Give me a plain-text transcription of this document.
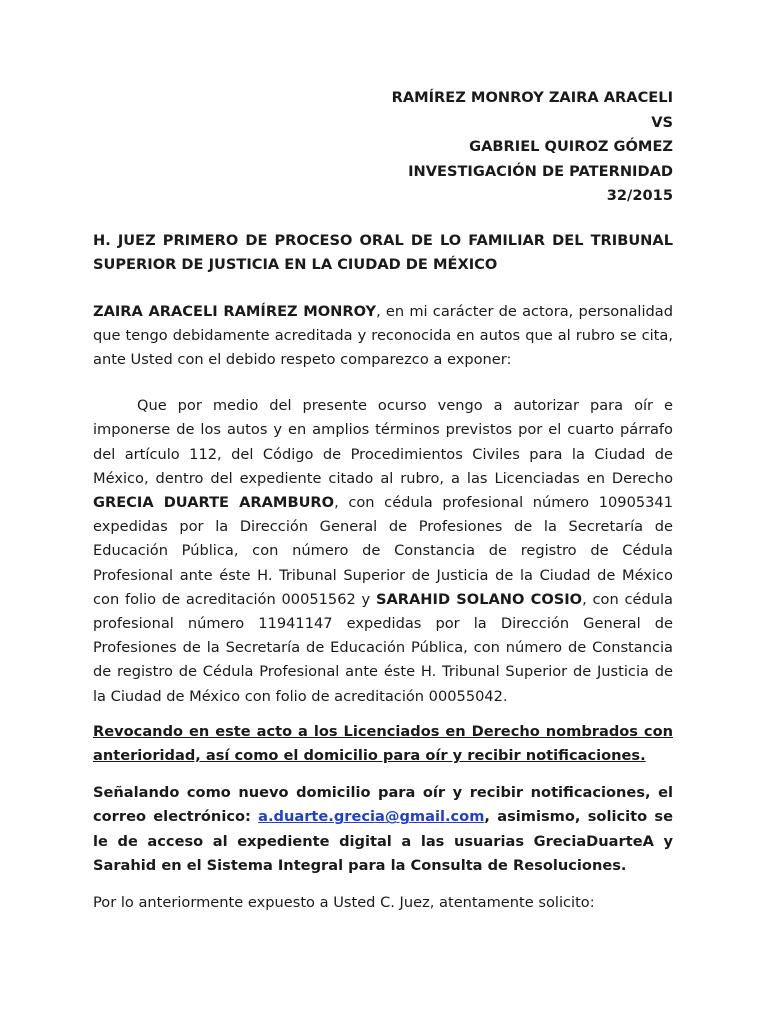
RAMÍREZ MONROY ZAIRA ARACELI
VS
GABRIEL QUIROZ GÓMEZ
INVESTIGACIÓN DE PATERNIDAD
32/2015
H. JUEZ PRIMERO DE PROCESO ORAL DE LO FAMILIAR DEL TRIBUNAL SUPERIOR DE JUSTICIA EN LA CIUDAD DE MÉXICO

ZAIRA ARACELI RAMÍREZ MONROY, en mi carácter de actora, personalidad que tengo debidamente acreditada y reconocida en autos que al rubro se cita, ante Usted con el debido respeto comparezco a exponer:

Que por medio del presente ocurso vengo a autorizar para oír e imponerse de los autos y en amplios términos previstos por el cuarto párrafo del artículo 112, del Código de Procedimientos Civiles para la Ciudad de México, dentro del expediente citado al rubro, a las Licenciadas en Derecho GRECIA DUARTE ARAMBURO, con cédula profesional número 10905341 expedidas por la Dirección General de Profesiones de la Secretaría de Educación Pública, con número de Constancia de registro de Cédula Profesional ante éste H. Tribunal Superior de Justicia de la Ciudad de México con folio de acreditación 00051562 y SARAHID SOLANO COSIO, con cédula profesional número 11941147 expedidas por la Dirección General de Profesiones de la Secretaría de Educación Pública, con número de Constancia de registro de Cédula Profesional ante éste H. Tribunal Superior de Justicia de la Ciudad de México con folio de acreditación 00055042.

Revocando en este acto a los Licenciados en Derecho nombrados con anterioridad, así como el domicilio para oír y recibir notificaciones.

Señalando como nuevo domicilio para oír y recibir notificaciones, el correo electrónico: a.duarte.grecia@gmail.com, asimismo, solicito se le de acceso al expediente digital a las usuarias GreciaDuarteA y Sarahid en el Sistema Integral para la Consulta de Resoluciones.

Por lo anteriormente expuesto a Usted C. Juez, atentamente solicito:
